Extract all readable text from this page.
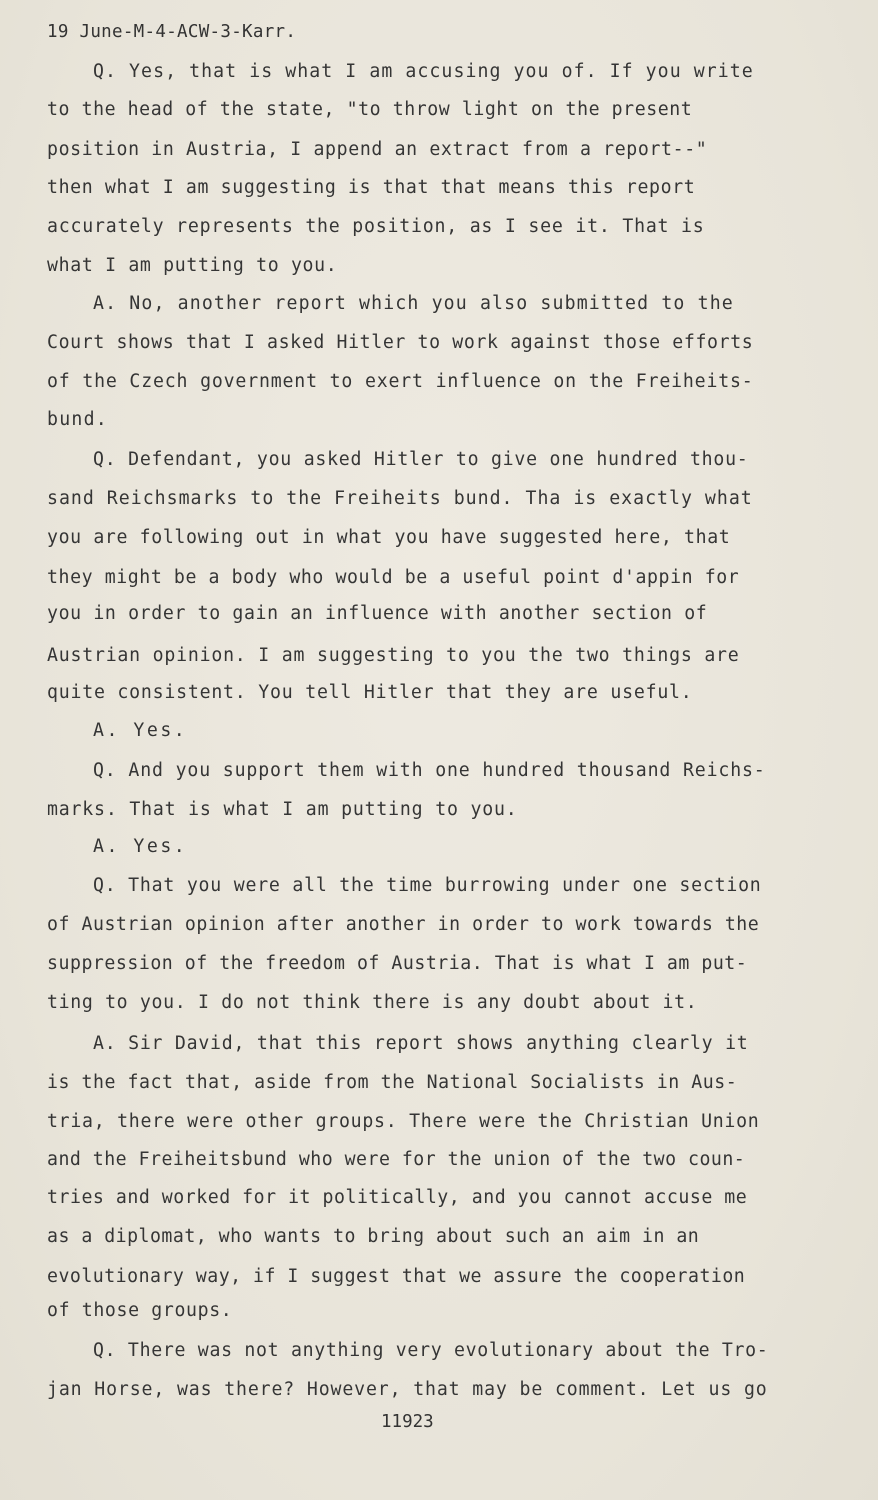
19 June-M-4-ACW-3-Karr.
Q. Yes, that is what I am accusing you of. If you write
to the head of the state, "to throw light on the present
position in Austria, I append an extract from a report--"
then what I am suggesting is that that means this report
accurately represents the position, as I see it. That is
what I am putting to you.
A. No, another report which you also submitted to the
Court shows that I asked Hitler to work against those efforts
of the Czech government to exert influence on the Freiheits-
bund.
Q. Defendant, you asked Hitler to give one hundred thou-
sand Reichsmarks to the Freiheits bund. Tha is exactly what
you are following out in what you have suggested here, that
they might be a body who would be a useful point d'appin for
you in order to gain an influence with another section of
Austrian opinion. I am suggesting to you the two things are
quite consistent. You tell Hitler that they are useful.
A. Yes.
Q. And you support them with one hundred thousand Reichs-
marks. That is what I am putting to you.
A. Yes.
Q. That you were all the time burrowing under one section
of Austrian opinion after another in order to work towards the
suppression of the freedom of Austria. That is what I am put-
ting to you. I do not think there is any doubt about it.
A. Sir David, that this report shows anything clearly it
is the fact that, aside from the National Socialists in Aus-
tria, there were other groups. There were the Christian Union
and the Freiheitsbund who were for the union of the two coun-
tries and worked for it politically, and you cannot accuse me
as a diplomat, who wants to bring about such an aim in an
evolutionary way, if I suggest that we assure the cooperation
of those groups.
Q. There was not anything very evolutionary about the Tro-
jan Horse, was there? However, that may be comment. Let us go
11923
